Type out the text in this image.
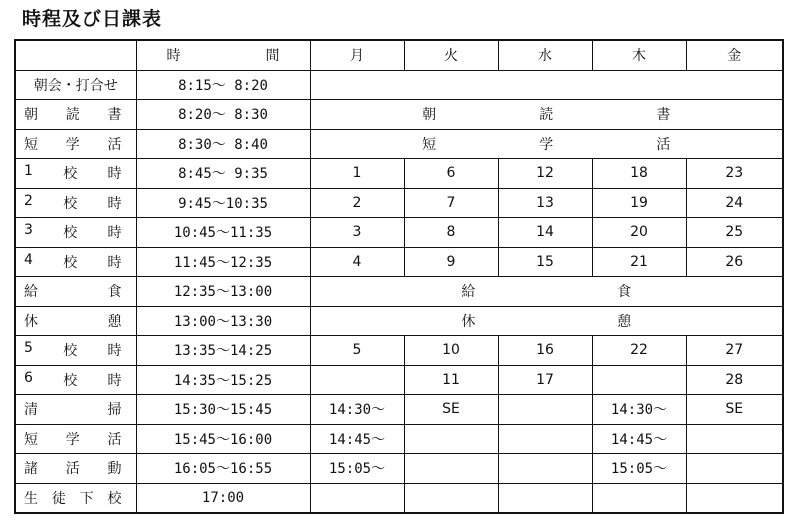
時程及び日課表

	時 間	月	火	水	木	金
朝会・打合せ	8:15〜 8:20					

朝 読 書	8:20〜 8:30	朝 読 書				

短 学 活	8:30〜 8:40	短 学 活				

1 校 時	8:45〜 9:35	1	6	12	18	23

2 校 時	9:45〜10:35	2	7	13	19	24

3 校 時	10:45〜11:35	3	8	14	20	25

4 校 時	11:45〜12:35	4	9	15	21	26

給 食	12:35〜13:00	給 食				

休 憩	13:00〜13:30	休 憩				

5 校 時	13:35〜14:25	5	10	16	22	27

6 校 時	14:35〜15:25		11	17		28

清 掃	15:30〜15:45	14:30〜	SE		14:30〜	SE

短 学 活	15:45〜16:00	14:45〜			14:45〜	

諸 活 動	16:05〜16:55	15:05〜			15:05〜	

生 徒 下 校	17:00					
